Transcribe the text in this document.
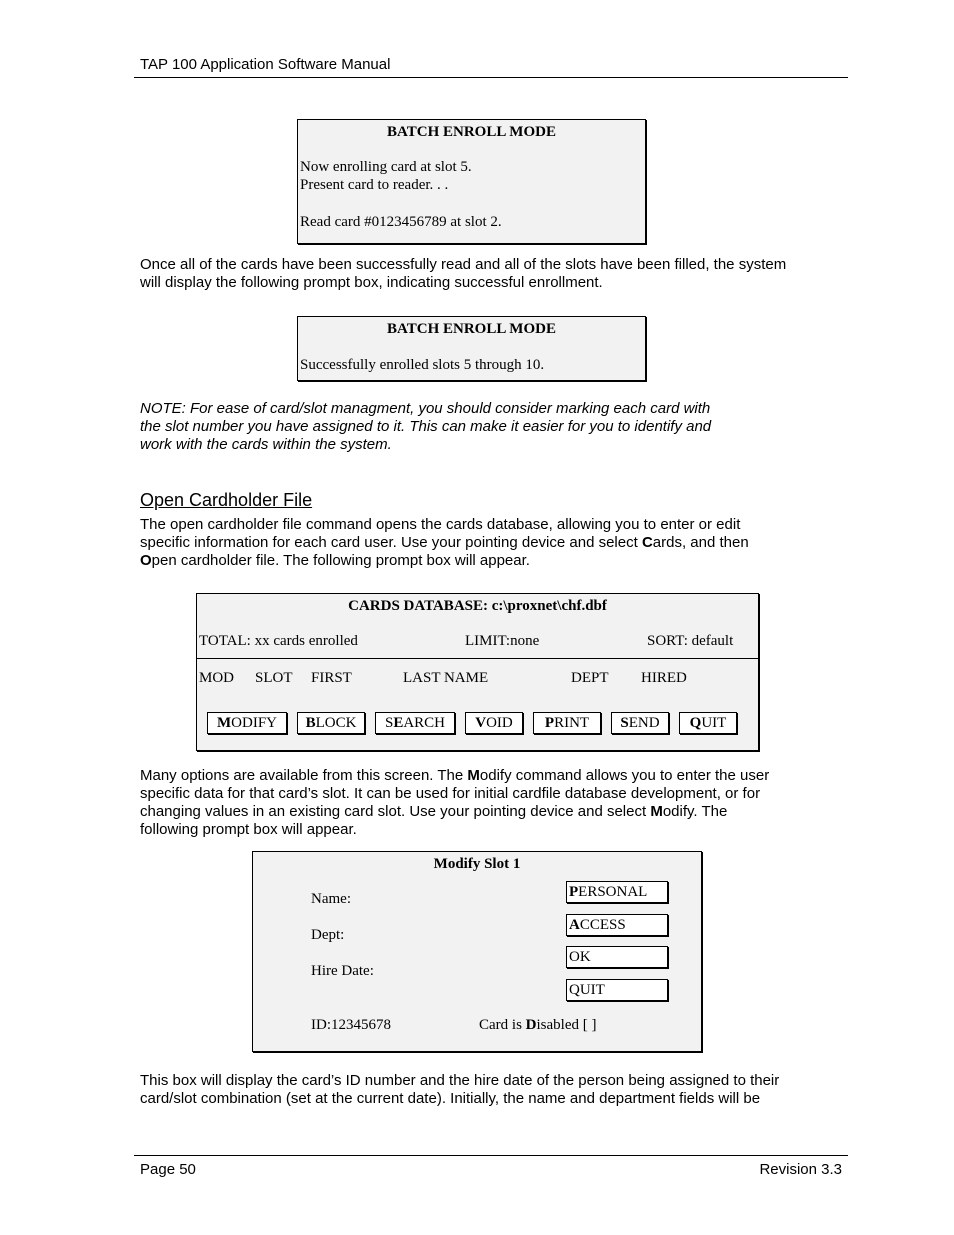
TAP 100 Application Software Manual
BATCH ENROLL MODE
Now enrolling card at slot 5.
Present card to reader. . .
Read card #0123456789 at slot 2.
Once all of the cards have been successfully read and all of the slots have been filled, the system
will display the following prompt box, indicating successful enrollment.
BATCH ENROLL MODE
Successfully enrolled slots 5 through 10.
NOTE: For ease of card/slot managment, you should consider marking each card with
the slot number you have assigned to it. This can make it easier for you to identify and
work with the cards within the system.
Open Cardholder File
The open cardholder file command opens the cards database, allowing you to enter or edit
specific information for each card user. Use your pointing device and select Cards, and then
Open cardholder file. The following prompt box will appear.
CARDS DATABASE: c:\proxnet\chf.dbf
TOTAL: xx cards enrolled	LIMIT:none	SORT: default
MOD SLOT FIRST	LAST NAME	DEPT HIRED
MODIFY	BLOCK	SEARCH	VOID	PRINT	SEND	QUIT
Many options are available from this screen. The Modify command allows you to enter the user
specific data for that card’s slot. It can be used for initial cardfile database development, or for
changing values in an existing card slot. Use your pointing device and select Modify. The
following prompt box will appear.
Modify Slot 1
Name:
Dept:
Hire Date:
PERSONAL
ACCESS
OK
QUIT
ID:12345678	Card is Disabled [ ]
This box will display the card’s ID number and the hire date of the person being assigned to their
card/slot combination (set at the current date). Initially, the name and department fields will be
Page 50	Revision 3.3
